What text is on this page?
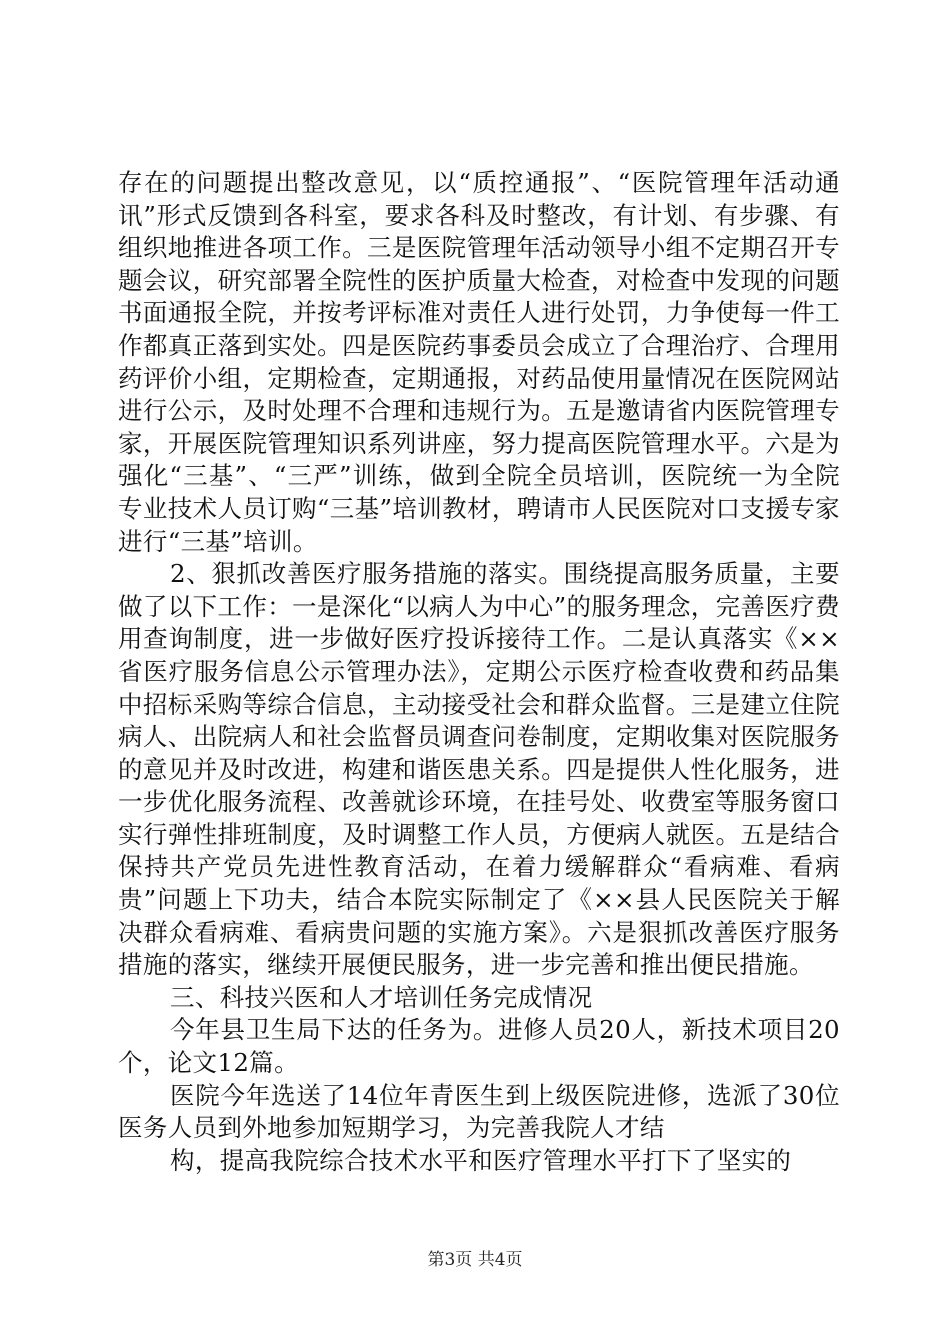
存在的问题提出整改意见，以“质控通报”、“医院管理年活动通讯”形式反馈到各科室，要求各科及时整改，有计划、有步骤、有组织地推进各项工作。三是医院管理年活动领导小组不定期召开专题会议，研究部署全院性的医护质量大检查，对检查中发现的问题书面通报全院，并按考评标准对责任人进行处罚，力争使每一件工作都真正落到实处。四是医院药事委员会成立了合理治疗、合理用药评价小组，定期检查，定期通报，对药品使用量情况在医院网站进行公示，及时处理不合理和违规行为。五是邀请省内医院管理专家，开展医院管理知识系列讲座，努力提高医院管理水平。六是为强化“三基”、“三严”训练，做到全院全员培训，医院统一为全院专业技术人员订购“三基”培训教材，聘请市人民医院对口支援专家进行“三基”培训。

2、狠抓改善医疗服务措施的落实。围绕提高服务质量，主要做了以下工作：一是深化“以病人为中心”的服务理念，完善医疗费用查询制度，进一步做好医疗投诉接待工作。二是认真落实《××省医疗服务信息公示管理办法》，定期公示医疗检查收费和药品集中招标采购等综合信息，主动接受社会和群众监督。三是建立住院病人、出院病人和社会监督员调查问卷制度，定期收集对医院服务的意见并及时改进，构建和谐医患关系。四是提供人性化服务，进一步优化服务流程、改善就诊环境，在挂号处、收费室等服务窗口实行弹性排班制度，及时调整工作人员，方便病人就医。五是结合保持共产党员先进性教育活动，在着力缓解群众“看病难、看病贵”问题上下功夫，结合本院实际制定了《××县人民医院关于解决群众看病难、看病贵问题的实施方案》。六是狠抓改善医疗服务措施的落实，继续开展便民服务，进一步完善和推出便民措施。

三、科技兴医和人才培训任务完成情况

今年县卫生局下达的任务为。进修人员20人，新技术项目20个，论文12篇。

医院今年选送了14位年青医生到上级医院进修，选派了30位医务人员到外地参加短期学习，为完善我院人才结

构，提高我院综合技术水平和医疗管理水平打下了坚实的

第3页 共4页
